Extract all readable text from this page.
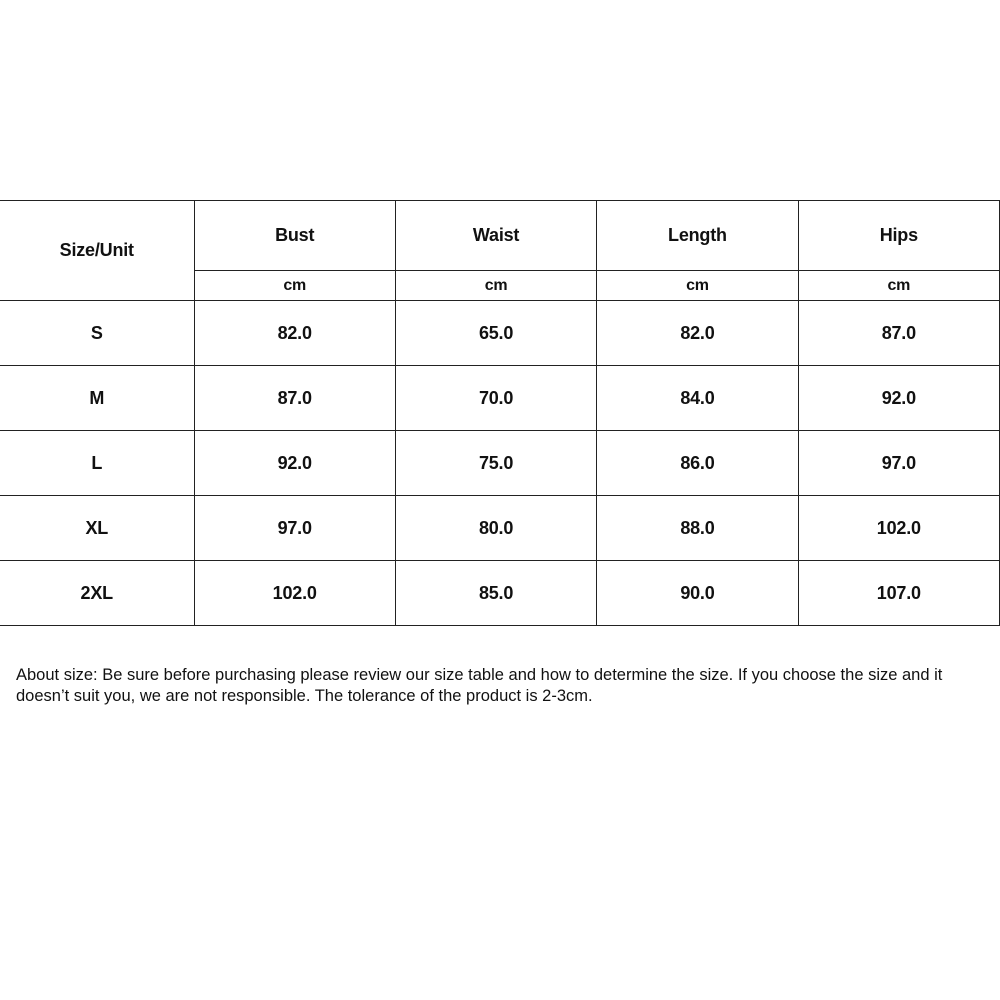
Size/Unit	Bust	Waist	Length	Hips
	cm	cm	cm	cm
S	82.0	65.0	82.0	87.0
M	87.0	70.0	84.0	92.0
L	92.0	75.0	86.0	97.0
XL	97.0	80.0	88.0	102.0
2XL	102.0	85.0	90.0	107.0

About size: Be sure before purchasing please review our size table and how to determine the size. If you choose the size and it doesn’t suit you, we are not responsible. The tolerance of the product is 2-3cm.
